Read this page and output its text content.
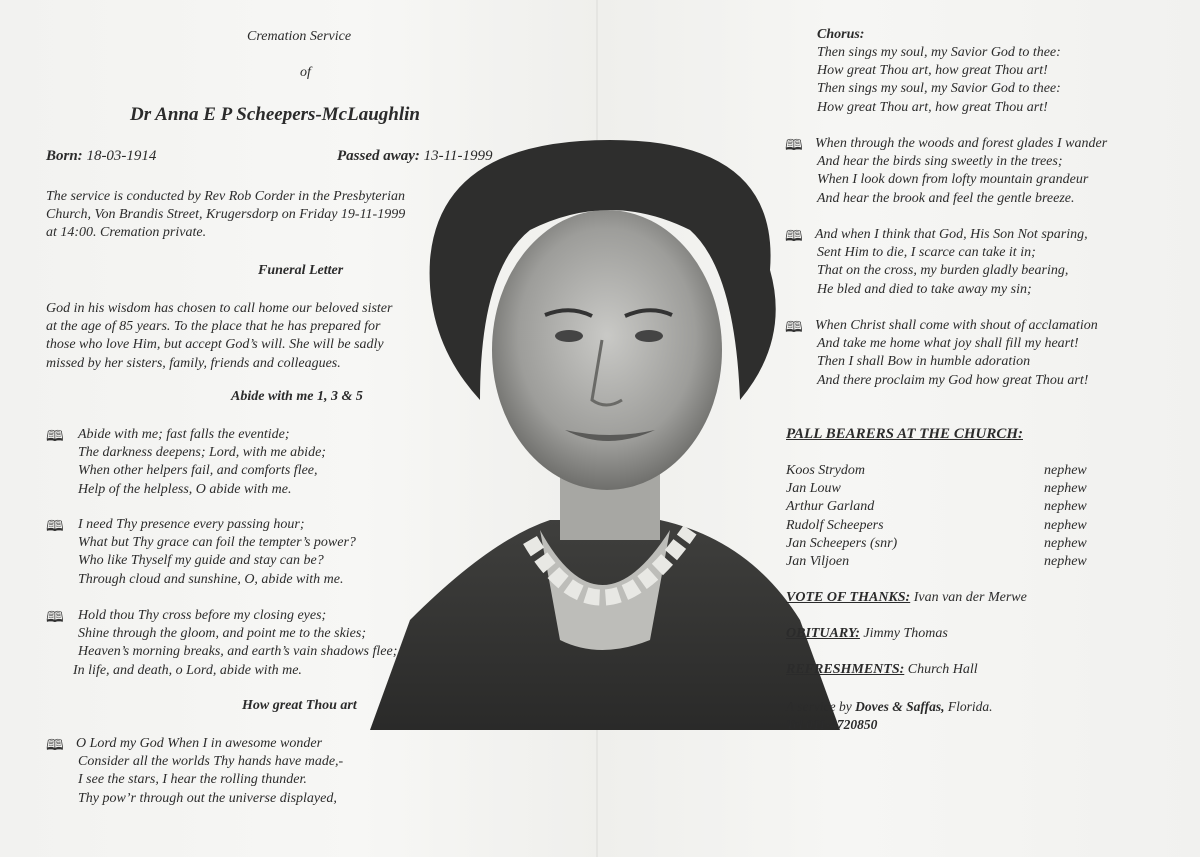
Cremation Service
of
Dr Anna E P Scheepers-McLaughlin
Born: 18-03-1914	Passed away: 13-11-1999
The service is conducted by Rev Rob Corder in the Presbyterian
Church, Von Brandis Street, Krugersdorp on Friday 19-11-1999
at 14:00. Cremation private.
Funeral Letter
God in his wisdom has chosen to call home our beloved sister
at the age of 85 years. To the place that he has prepared for
those who love Him, but accept God’s will. She will be sadly
missed by her sisters, family, friends and colleagues.
Abide with me 1, 3 & 5
🕮 Abide with me; fast falls the eventide;
The darkness deepens; Lord, with me abide;
When other helpers fail, and comforts flee,
Help of the helpless, O abide with me.
🕮 I need Thy presence every passing hour;
What but Thy grace can foil the tempter’s power?
Who like Thyself my guide and stay can be?
Through cloud and sunshine, O, abide with me.
🕮 Hold thou Thy cross before my closing eyes;
Shine through the gloom, and point me to the skies;
Heaven’s morning breaks, and earth’s vain shadows flee;
In life, and death, o Lord, abide with me.
How great Thou art
🕮 O Lord my God When I in awesome wonder
Consider all the worlds Thy hands have made,-
I see the stars, I hear the rolling thunder.
Thy pow’r through out the universe displayed,
Chorus:
Then sings my soul, my Savior God to thee:
How great Thou art, how great Thou art!
Then sings my soul, my Savior God to thee:
How great Thou art, how great Thou art!
🕮 When through the woods and forest glades I wander
And hear the birds sing sweetly in the trees;
When I look down from lofty mountain grandeur
And hear the brook and feel the gentle breeze.
🕮 And when I think that God, His Son Not sparing,
Sent Him to die, I scarce can take it in;
That on the cross, my burden gladly bearing,
He bled and died to take away my sin;
🕮 When Christ shall come with shout of acclamation
And take me home what joy shall fill my heart!
Then I shall Bow in humble adoration
And there proclaim my God how great Thou art!
PALL BEARERS AT THE CHURCH:
Koos Strydom	nephew
Jan Louw	nephew
Arthur Garland	nephew
Rudolf Scheepers	nephew
Jan Scheepers (snr)	nephew
Jan Viljoen	nephew
VOTE OF THANKS: Ivan van der Merwe
OBITUARY: Jimmy Thomas
REFRESHMENTS: Church Hall
A service by Doves & Saffas, Florida.
Tel 011-4720850
